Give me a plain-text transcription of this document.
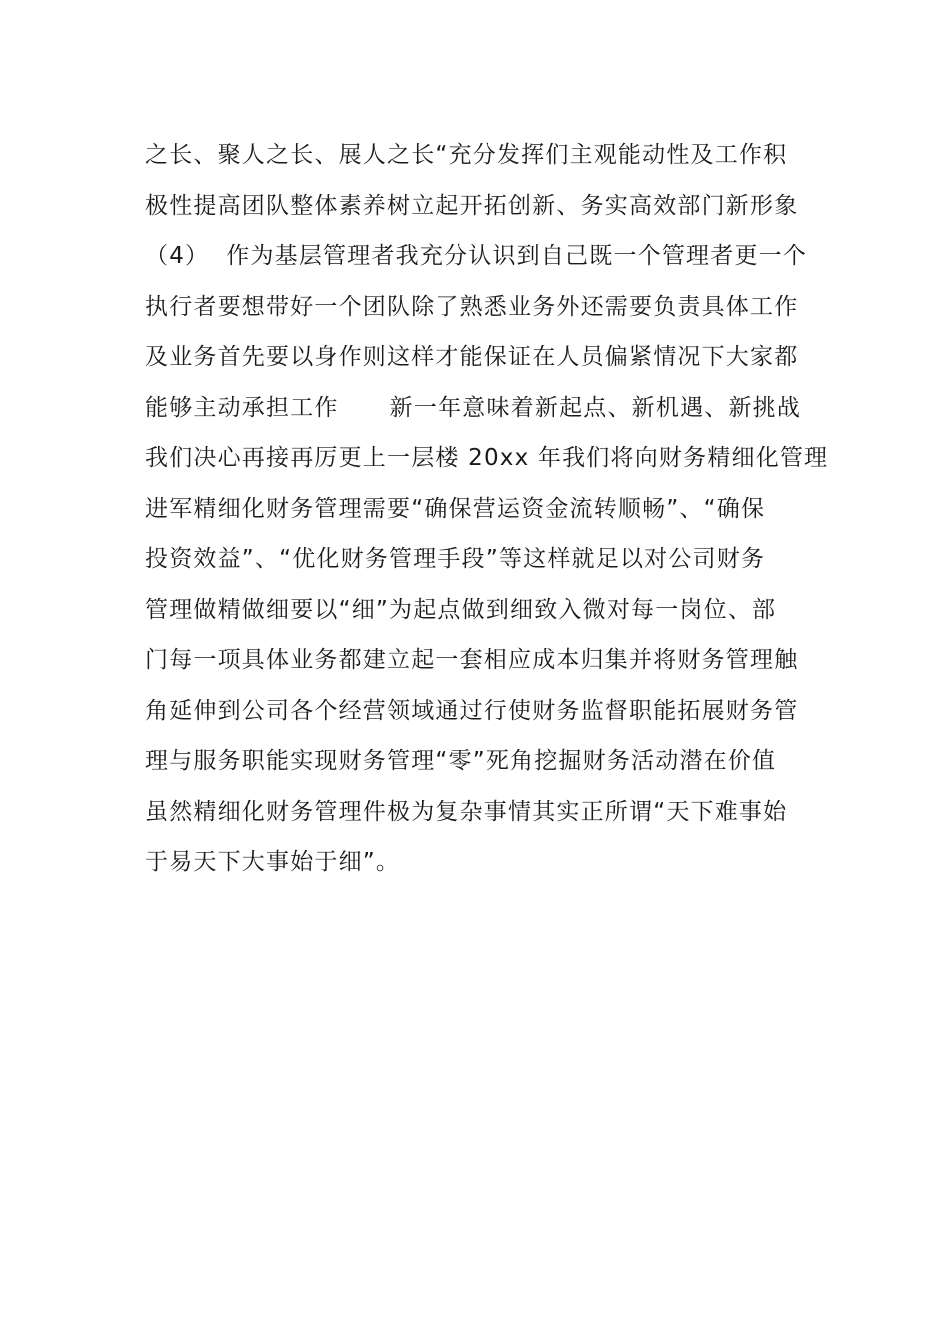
之长、聚人之长、展人之长“充分发挥们主观能动性及工作积
极性提高团队整体素养树立起开拓创新、务实高效部门新形象
（4）  作为基层管理者我充分认识到自己既一个管理者更一个
执行者要想带好一个团队除了熟悉业务外还需要负责具体工作
及业务首先要以身作则这样才能保证在人员偏紧情况下大家都
能够主动承担工作      新一年意味着新起点、新机遇、新挑战
我们决心再接再厉更上一层楼 20xx 年我们将向财务精细化管理
进军精细化财务管理需要“确保营运资金流转顺畅”、“确保
投资效益”、“优化财务管理手段”等这样就足以对公司财务
管理做精做细要以“细”为起点做到细致入微对每一岗位、部
门每一项具体业务都建立起一套相应成本归集并将财务管理触
角延伸到公司各个经营领域通过行使财务监督职能拓展财务管
理与服务职能实现财务管理“零”死角挖掘财务活动潜在价值
虽然精细化财务管理件极为复杂事情其实正所谓“天下难事始
于易天下大事始于细”。
